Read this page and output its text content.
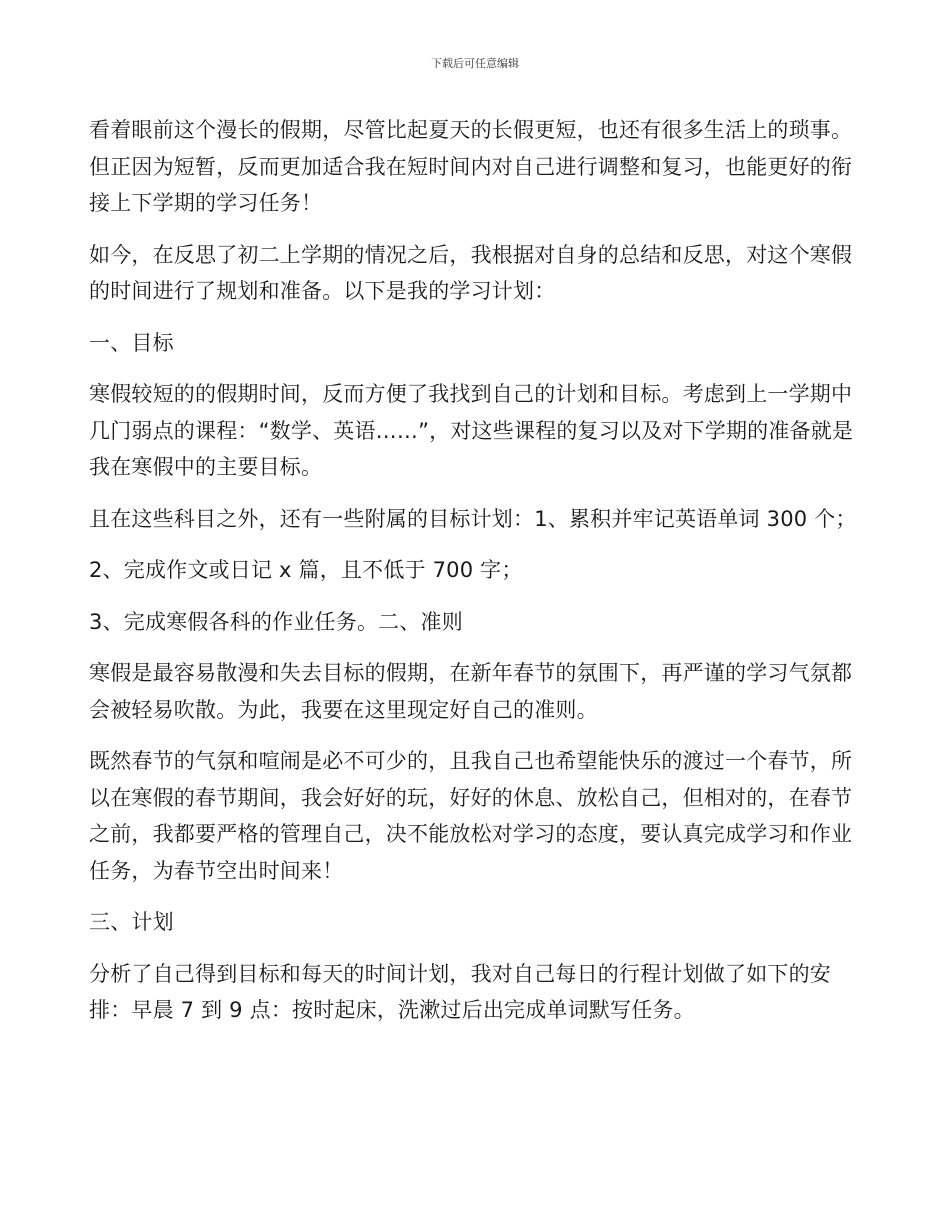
下载后可任意编辑

看着眼前这个漫长的假期，尽管比起夏天的长假更短，也还有很多生活上的琐事。但正因为短暂，反而更加适合我在短时间内对自己进行调整和复习，也能更好的衔接上下学期的学习任务！

如今，在反思了初二上学期的情况之后，我根据对自身的总结和反思，对这个寒假的时间进行了规划和准备。以下是我的学习计划：

一、目标

寒假较短的的假期时间，反而方便了我找到自己的计划和目标。考虑到上一学期中几门弱点的课程：“数学、英语……”，对这些课程的复习以及对下学期的准备就是我在寒假中的主要目标。

且在这些科目之外，还有一些附属的目标计划：1、累积并牢记英语单词 300 个；

2、完成作文或日记 x 篇，且不低于 700 字；

3、完成寒假各科的作业任务。二、准则

寒假是最容易散漫和失去目标的假期，在新年春节的氛围下，再严谨的学习气氛都会被轻易吹散。为此，我要在这里现定好自己的准则。

既然春节的气氛和喧闹是必不可少的，且我自己也希望能快乐的渡过一个春节，所以在寒假的春节期间，我会好好的玩，好好的休息、放松自己，但相对的，在春节之前，我都要严格的管理自己，决不能放松对学习的态度，要认真完成学习和作业任务，为春节空出时间来！

三、计划

分析了自己得到目标和每天的时间计划，我对自己每日的行程计划做了如下的安排：早晨 7 到 9 点：按时起床，洗漱过后出完成单词默写任务。
